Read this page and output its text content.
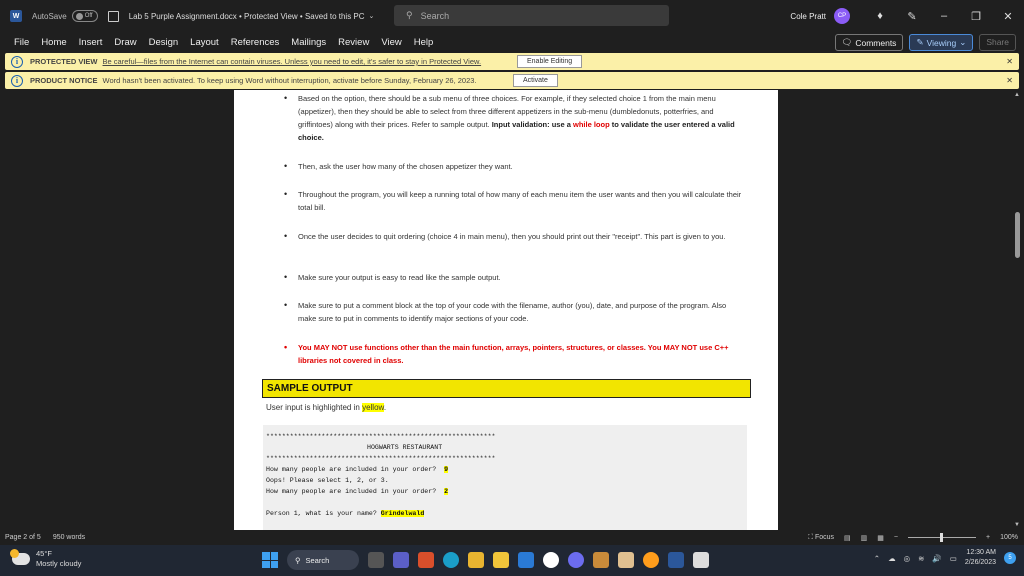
W	AutoSave	Off	Lab 5 Purple Assignment.docx • Protected View • Saved to this PC ⌄	⚲ Search	Cole Pratt	CP	♦	✎	–	❐	✕
File Home Insert Draw Design Layout References Mailings Review View Help	🗨 Comments ✎ Viewing ⌄	Share
i	PROTECTED VIEW Be careful—files from the Internet can contain viruses. Unless you need to edit, it's safer to stay in Protected View.	Enable Editing	✕
i	PRODUCT NOTICE Word hasn't been activated. To keep using Word without interruption, activate before Sunday, February 26, 2023.	Activate	✕
• Based on the option, there should be a sub menu of three choices. For example, if they selected choice 1 from the main menu (appetizer), then they should be able to select from three different appetizers in the sub-menu (dumbledonuts, potterfries, and griffintoes) along with their prices. Refer to sample output. Input validation: use a while loop to validate the user entered a valid choice.
• Then, ask the user how many of the chosen appetizer they want.
• Throughout the program, you will keep a running total of how many of each menu item the user wants and then you will calculate their total bill.
• Once the user decides to quit ordering (choice 4 in main menu), then you should print out their "receipt". This part is given to you.
• Make sure your output is easy to read like the sample output.
• Make sure to put a comment block at the top of your code with the filename, author (you), date, and purpose of the program. Also make sure to put in comments to identify major sections of your code.
• You MAY NOT use functions other than the main function, arrays, pointers, structures, or classes. You MAY NOT use C++ libraries not covered in class.
SAMPLE OUTPUT
User input is highlighted in yellow.
**********************************************************
HOGWARTS RESTAURANT
**********************************************************
How many people are included in your order?  9
Oops! Please select 1, 2, or 3.
How many people are included in your order?  2
Person 1, what is your name? Grindelwald
▲
▼
Page 2 of 5 950 words	⛶ Focus ▤ ▥ ▦ −	+ 100%
45°F
Mostly cloudy	⚲ Search	⌃ ☁ ◎ ≋ 🔊 ▭
12:30 AM
2/26/2023
5
